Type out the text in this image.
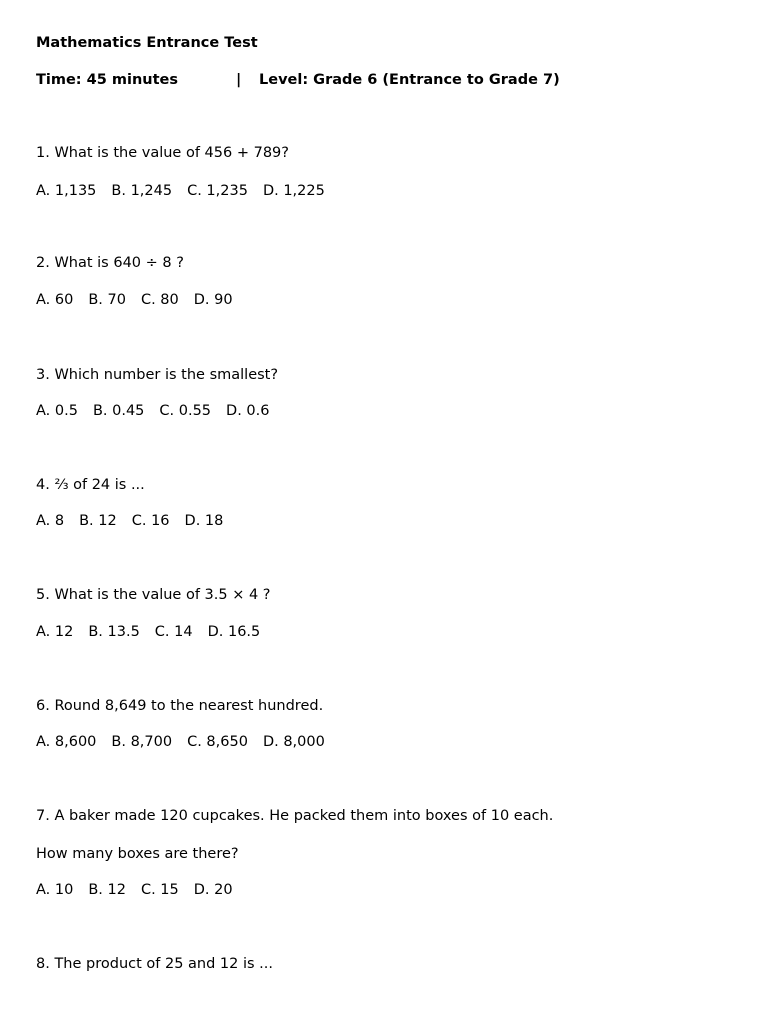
Mathematics Entrance Test
Time: 45 minutes	| Level: Grade 6 (Entrance to Grade 7)
1. What is the value of 456 + 789?
A. 1,135 B. 1,245 C. 1,235 D. 1,225
2. What is 640 ÷ 8 ?
A. 60 B. 70 C. 80 D. 90
3. Which number is the smallest?
A. 0.5 B. 0.45 C. 0.55 D. 0.6
4. ⅔ of 24 is ...
A. 8 B. 12 C. 16 D. 18
5. What is the value of 3.5 × 4 ?
A. 12 B. 13.5 C. 14 D. 16.5
6. Round 8,649 to the nearest hundred.
A. 8,600 B. 8,700 C. 8,650 D. 8,000
7. A baker made 120 cupcakes. He packed them into boxes of 10 each.
How many boxes are there?
A. 10 B. 12 C. 15 D. 20
8. The product of 25 and 12 is ...
